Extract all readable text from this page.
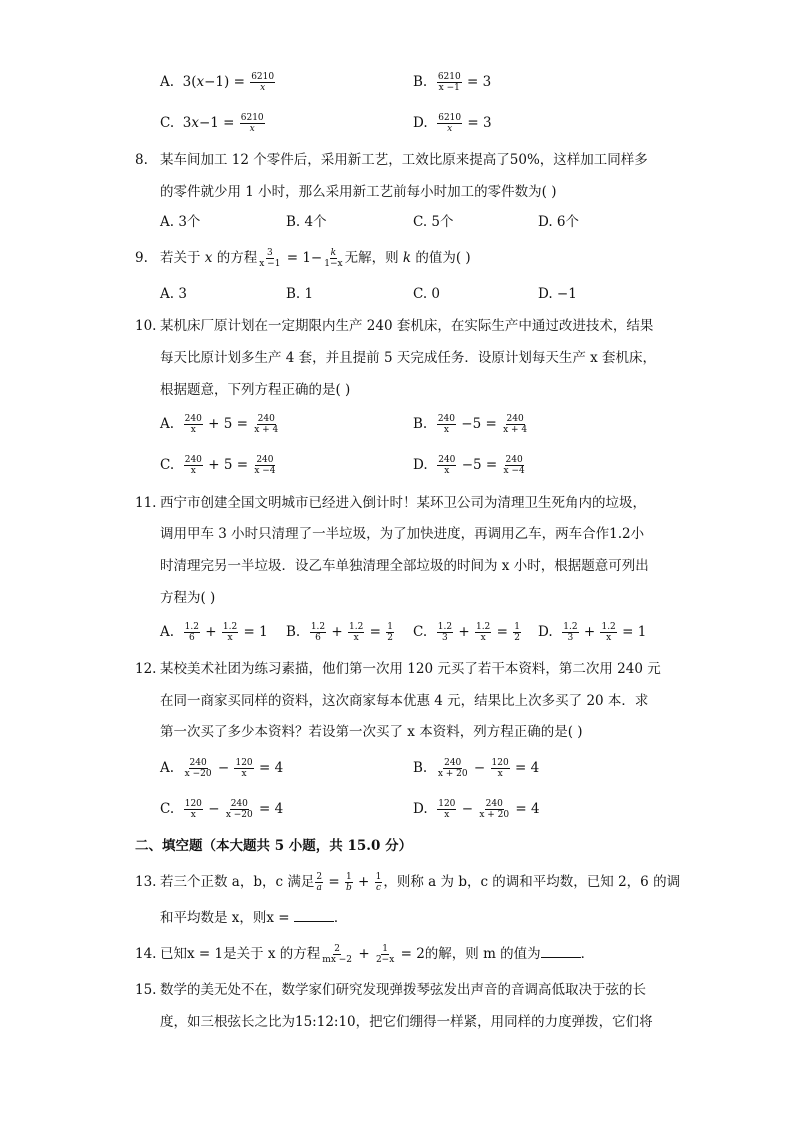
A. $3(x-1) = \frac{6210}{x}$	B. $\frac{6210}{x -1} = 3$
C. $3x-1 = \frac{6210}{x}$	D. $\frac{6210}{x} = 3$
8. 某车间加工 12 个零件后，采用新工艺，工效比原来提高了50%，这样加工同样多
的零件就少用 1 小时，那么采用新工艺前每小时加工的零件数为( )
A. 3个	B. 4个	C. 5个	D. 6个
9. 若关于 x 的方程 $\frac{3}{x -1} = 1- \frac{k}{1-x}$ 无解，则 k 的值为( )
A. 3	B. 1	C. 0	D. −1
10. 某机床厂原计划在一定期限内生产 240 套机床，在实际生产中通过改进技术，结果
每天比原计划多生产 4 套，并且提前 5 天完成任务．设原计划每天生产 x 套机床，
根据题意，下列方程正确的是( )
A. $\frac{240}{x} + 5 = \frac{240}{x + 4}$	B. $\frac{240}{x} -5 = \frac{240}{x + 4}$
C. $\frac{240}{x} + 5 = \frac{240}{x -4}$	D. $\frac{240}{x} -5 = \frac{240}{x -4}$
11. 西宁市创建全国文明城市已经进入倒计时！某环卫公司为清理卫生死角内的垃圾，
调用甲车 3 小时只清理了一半垃圾，为了加快进度，再调用乙车，两车合作1.2小
时清理完另一半垃圾．设乙车单独清理全部垃圾的时间为 x 小时，根据题意可列出
方程为( )
A. $\frac{1.2}{6} + \frac{1.2}{x} = 1$ B. $\frac{1.2}{6} + \frac{1.2}{x} = \frac{1}{2} C$. $\frac{1.2}{3} + \frac{1.2}{x} = \frac{1}{2} D$. $\frac{1.2}{3} + \frac{1.2}{x} = 1$
12. 某校美术社团为练习素描，他们第一次用 120 元买了若干本资料，第二次用 240 元
在同一商家买同样的资料，这次商家每本优惠 4 元，结果比上次多买了 20 本．求
第一次买了多少本资料？若设第一次买了 x 本资料，列方程正确的是( )
A. $\frac{240}{x -20} - \frac{120}{x} = 4$	B. $\frac{240}{x + 20} - \frac{120}{x} = 4$
C. $\frac{120}{x} - \frac{240}{x -20} = 4$	D. $\frac{120}{x} - \frac{240}{x + 20} = 4$
二、填空题（本大题共 5 小题，共 15.0 分）
13. 若三个正数 a，b，c 满足 $\frac{2}{a} = \frac{1}{b} + \frac{1}{c}$ ，则称 a 为 b，c 的调和平均数，已知 2，6 的调
和平均数是 x，则x =	．
14. 已知x = 1是关于 x 的方程 $\frac{2}{mx -2} + \frac{1}{2-x} = 2$的解，则 m 的值为	．
15. 数学的美无处不在，数学家们研究发现弹拨琴弦发出声音的音调高低取决于弦的长
度，如三根弦长之比为15:12:10，把它们绷得一样紧，用同样的力度弹拨，它们将
